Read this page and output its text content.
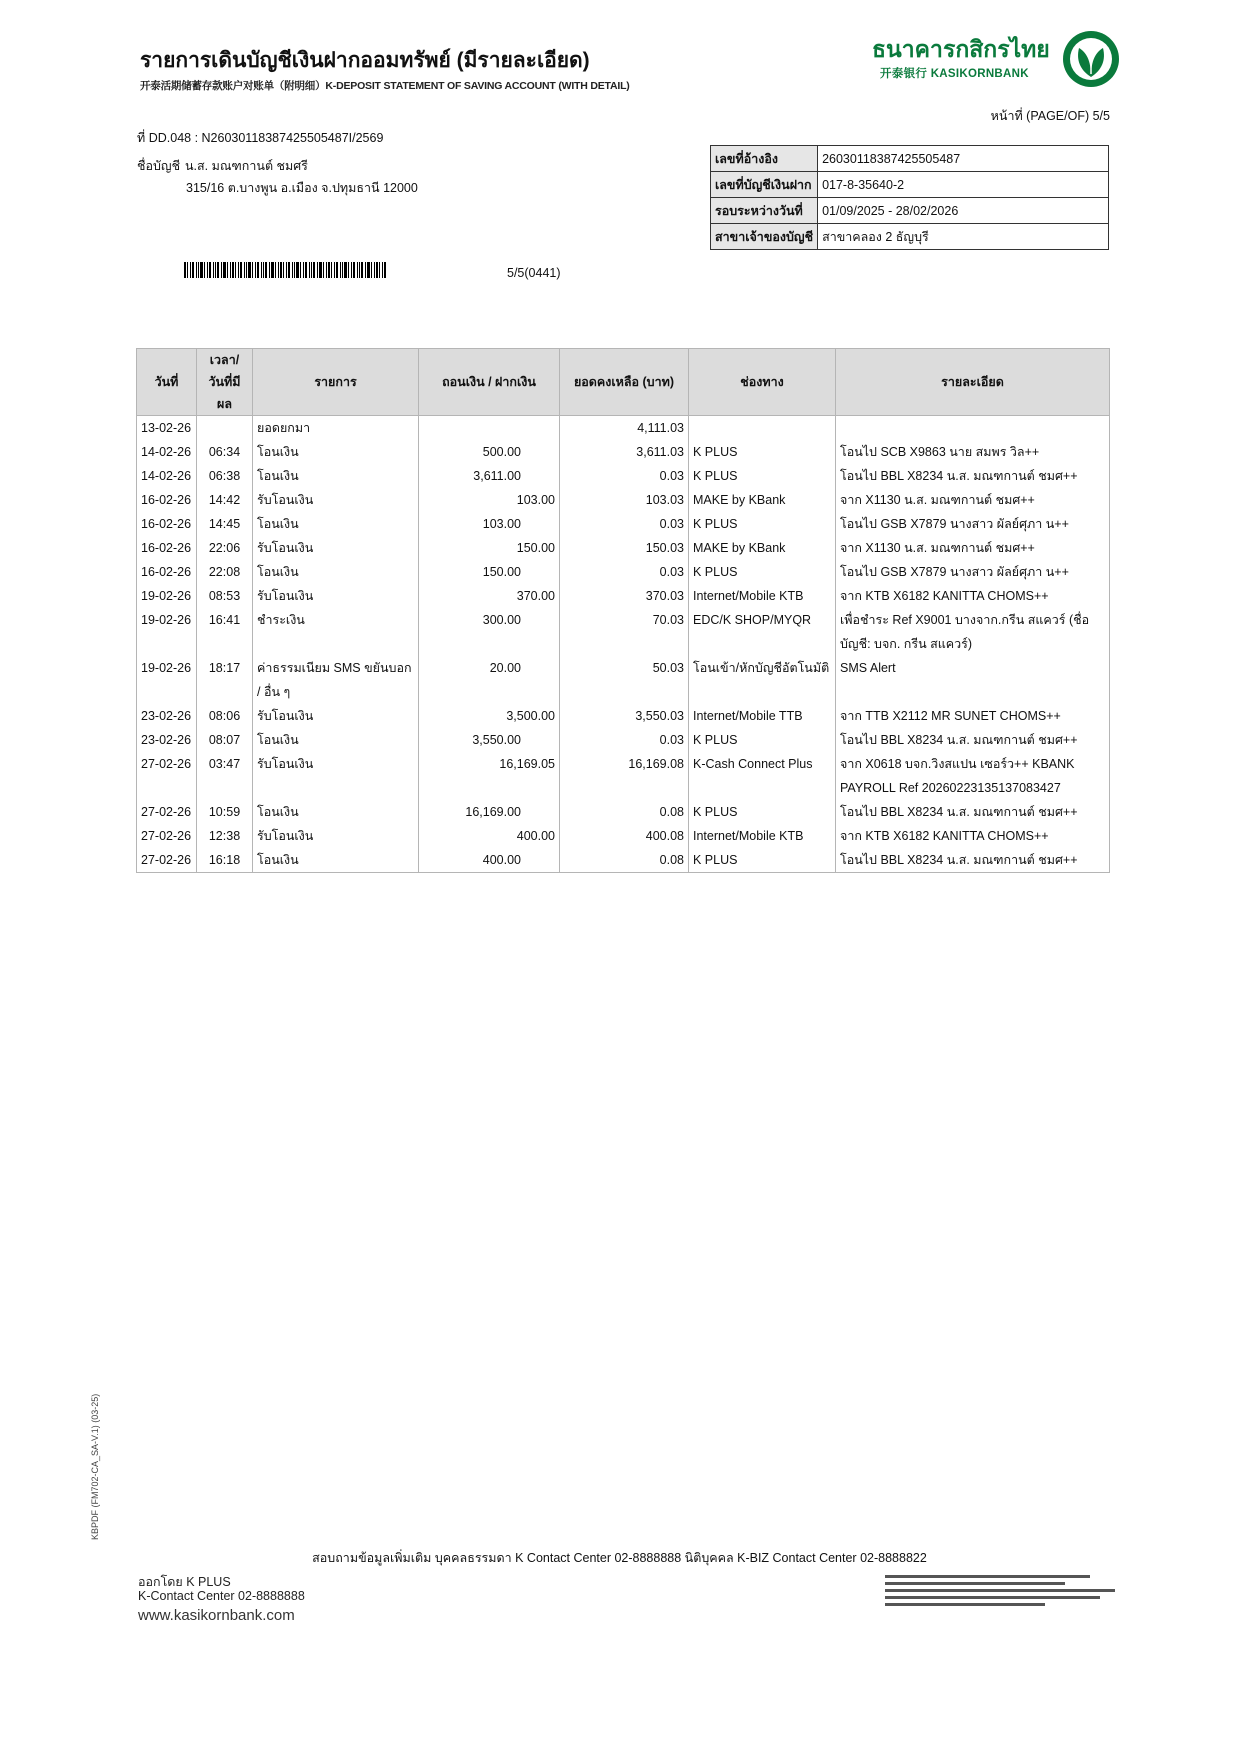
รายการเดินบัญชีเงินฝากออมทรัพย์ (มีรายละเอียด)
开泰活期储蓄存款账户对账单（附明细）K-DEPOSIT STATEMENT OF SAVING ACCOUNT (WITH DETAIL)
ธนาคารกสิกรไทย
开泰银行 KASIKORNBANK
หน้าที่ (PAGE/OF) 5/5
ที่ DD.048 : N26030118387425505487I/2569
ชื่อบัญชี น.ส. มณฑกานต์ ชมศรี
315/16 ต.บางพูน อ.เมือง จ.ปทุมธานี 12000
5/5(0441)
เลขที่อ้างอิง	26030118387425505487
เลขที่บัญชีเงินฝาก	017-8-35640-2
รอบระหว่างวันที่	01/09/2025 - 28/02/2026
สาขาเจ้าของบัญชี	สาขาคลอง 2 ธัญบุรี
วันที่	เวลา/ วันที่มีผล	รายการ	ถอนเงิน / ฝากเงิน	ยอดคงเหลือ (บาท)	ช่องทาง	รายละเอียด
13-02-26		ยอดยกมา		4,111.03		
14-02-26	06:34	โอนเงิน	500.00	3,611.03	K PLUS	โอนไป SCB X9863 นาย สมพร วิล++
14-02-26	06:38	โอนเงิน	3,611.00	0.03	K PLUS	โอนไป BBL X8234 น.ส. มณฑกานต์ ชมศ++
16-02-26	14:42	รับโอนเงิน	103.00	103.03	MAKE by KBank	จาก X1130 น.ส. มณฑกานต์ ชมศ++
16-02-26	14:45	โอนเงิน	103.00	0.03	K PLUS	โอนไป GSB X7879 นางสาว ผัลย์ศุภา น++
16-02-26	22:06	รับโอนเงิน	150.00	150.03	MAKE by KBank	จาก X1130 น.ส. มณฑกานต์ ชมศ++
16-02-26	22:08	โอนเงิน	150.00	0.03	K PLUS	โอนไป GSB X7879 นางสาว ผัลย์ศุภา น++
19-02-26	08:53	รับโอนเงิน	370.00	370.03	Internet/Mobile KTB	จาก KTB X6182 KANITTA CHOMS++
19-02-26	16:41	ชำระเงิน	300.00	70.03	EDC/K SHOP/MYQR	เพื่อชำระ Ref X9001 บางจาก.กรีน สแควร์ (ชื่อบัญชี: บจก. กรีน สแควร์)
19-02-26	18:17	ค่าธรรมเนียม SMS ขยันบอก / อื่น ๆ	20.00	50.03	โอนเข้า/หักบัญชีอัตโนมัติ	SMS Alert
23-02-26	08:06	รับโอนเงิน	3,500.00	3,550.03	Internet/Mobile TTB	จาก TTB X2112 MR SUNET CHOMS++
23-02-26	08:07	โอนเงิน	3,550.00	0.03	K PLUS	โอนไป BBL X8234 น.ส. มณฑกานต์ ชมศ++
27-02-26	03:47	รับโอนเงิน	16,169.05	16,169.08	K-Cash Connect Plus	จาก X0618 บจก.วิงสแปน เซอร์ว++ KBANK PAYROLL Ref 20260223135137083427
27-02-26	10:59	โอนเงิน	16,169.00	0.08	K PLUS	โอนไป BBL X8234 น.ส. มณฑกานต์ ชมศ++
27-02-26	12:38	รับโอนเงิน	400.00	400.08	Internet/Mobile KTB	จาก KTB X6182 KANITTA CHOMS++
27-02-26	16:18	โอนเงิน	400.00	0.08	K PLUS	โอนไป BBL X8234 น.ส. มณฑกานต์ ชมศ++
KBPDF (FM702-CA_SA-V.1) (03-25)
สอบถามข้อมูลเพิ่มเติม บุคคลธรรมดา K Contact Center 02-8888888 นิติบุคคล K-BIZ Contact Center 02-8888822
ออกโดย K PLUS
K-Contact Center 02-8888888
www.kasikornbank.com
